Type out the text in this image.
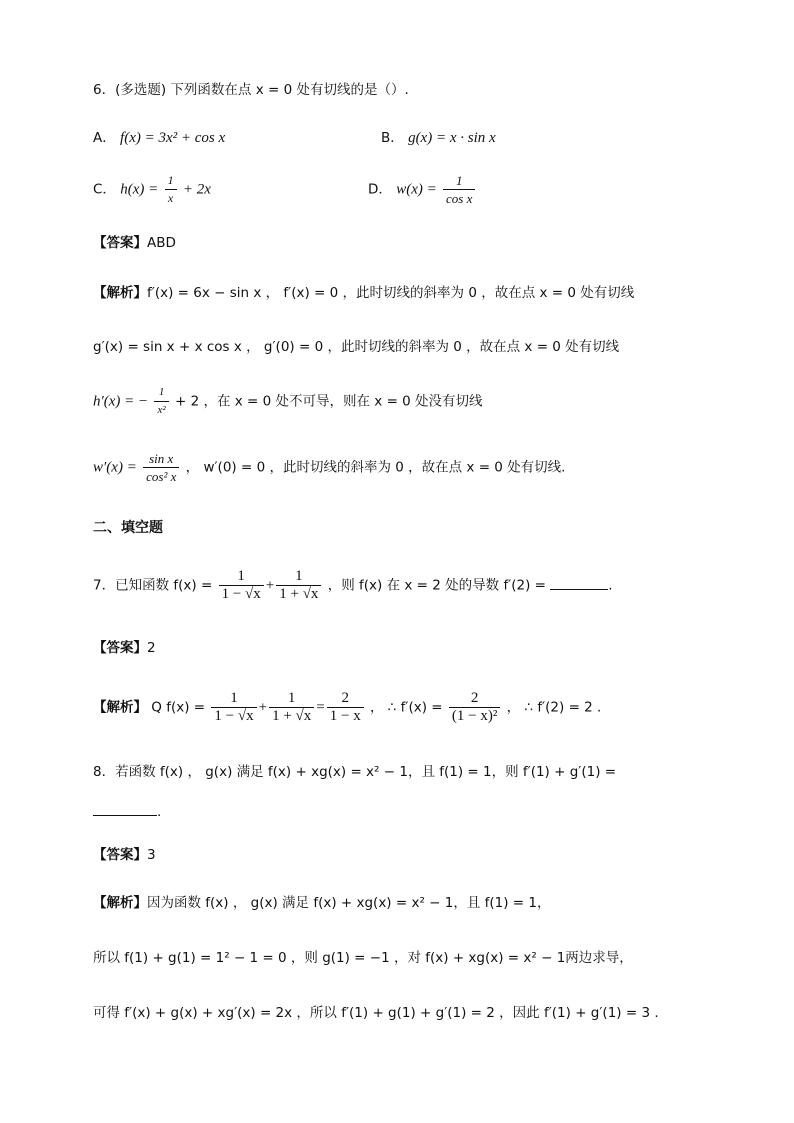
6．(多选题) 下列函数在点 x = 0 处有切线的是（）.
A． f(x) = 3x² + cos x	B． g(x) = x · sin x
C． $h(x) = \frac{1}{x} + 2x$	D． $w(x) = \frac{1}{\text{cos x}}$
【答案】ABD
【解析】f′(x) = 6x − sin x ， f′(x) = 0 ，此时切线的斜率为 0 ，故在点 x = 0 处有切线
g′(x) = sin x + x cos x ， g′(0) = 0 ，此时切线的斜率为 0 ，故在点 x = 0 处有切线
h′(x) = − $\frac{1}{\text{x²}} + 2$ ，在 x = 0 处不可导，则在 x = 0 处没有切线
$w'(x) = \frac{\text{sin x}}{\text{cos² x}}$ ， w′(0) = 0 ，此时切线的斜率为 0 ，故在点 x = 0 处有切线.
二、填空题
7．已知函数 $f(x) = \frac{1}{1 - √x} + \frac{1}{1 + √x}$ ，则 f(x) 在 x = 2 处的导数 f′(2) =	.
【答案】2
【解析】 Q $f(x) = \frac{1}{1 - √x} + \frac{1}{1 + √x} = \frac{2}{1 - x}$ ， ∴ $f'(x) = \frac{2}{\text{(1 − x)²}}$ ， ∴ f′(2) = 2 .
8．若函数 f(x) ， g(x) 满足 f(x) + xg(x) = x² − 1，且 f(1) = 1，则 f′(1) + g′(1) =
.
【答案】3
【解析】因为函数 f(x) ， g(x) 满足 f(x) + xg(x) = x² − 1，且 f(1) = 1，
所以 f(1) + g(1) = 1² − 1 = 0 ，则 g(1) = −1 ，对 f(x) + xg(x) = x² − 1两边求导，
可得 f′(x) + g(x) + xg′(x) = 2x ，所以 f′(1) + g(1) + g′(1) = 2 ，因此 f′(1) + g′(1) = 3 .
